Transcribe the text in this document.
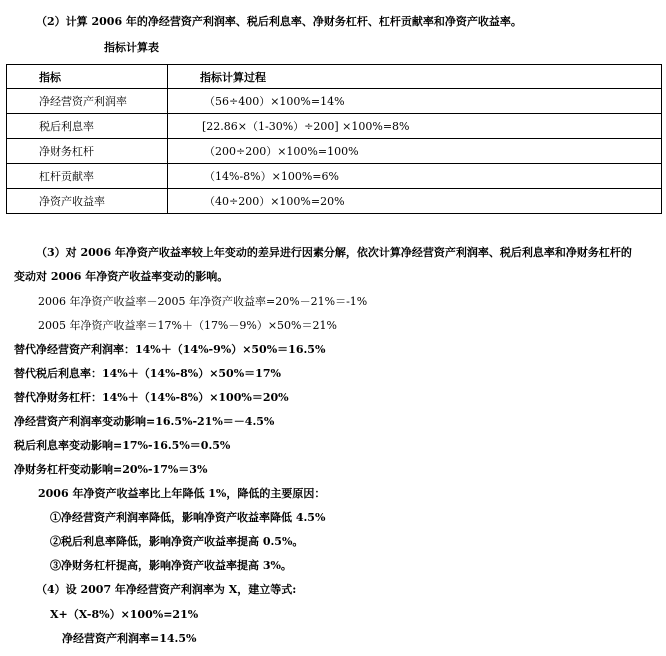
（2）计算 2006 年的净经营资产利润率、税后利息率、净财务杠杆、杠杆贡献率和净资产收益率。
指标计算表
指标	指标计算过程
净经营资产利润率	（56÷400）×100%=14%
税后利息率	[22.86×（1-30%）÷200] ×100%=8%
净财务杠杆	（200÷200）×100%=100%
杠杆贡献率	（14%-8%）×100%=6%
净资产收益率	（40÷200）×100%=20%
（3）对 2006 年净资产收益率较上年变动的差异进行因素分解，依次计算净经营资产利润率、税后利息率和净财务杠杆的
变动对 2006 年净资产收益率变动的影响。
2006 年净资产收益率－2005 年净资产收益率=20%－21%＝-1%
2005 年净资产收益率＝17%＋（17%－9%）×50%＝21%
替代净经营资产利润率：14%＋（14%-9%）×50%＝16.5%
替代税后利息率：14%＋（14%-8%）×50%＝17%
替代净财务杠杆：14%＋（14%-8%）×100%＝20%
净经营资产利润率变动影响=16.5%-21%＝－4.5%
税后利息率变动影响=17%-16.5%＝0.5%
净财务杠杆变动影响=20%-17%＝3%
2006 年净资产收益率比上年降低 1%，降低的主要原因：
①净经营资产利润率降低，影响净资产收益率降低 4.5%
②税后利息率降低，影响净资产收益率提高 0.5%。
③净财务杠杆提高，影响净资产收益率提高 3%。
（4）设 2007 年净经营资产利润率为 X，建立等式:
X+（X-8%）×100%=21%
净经营资产利润率=14.5%
